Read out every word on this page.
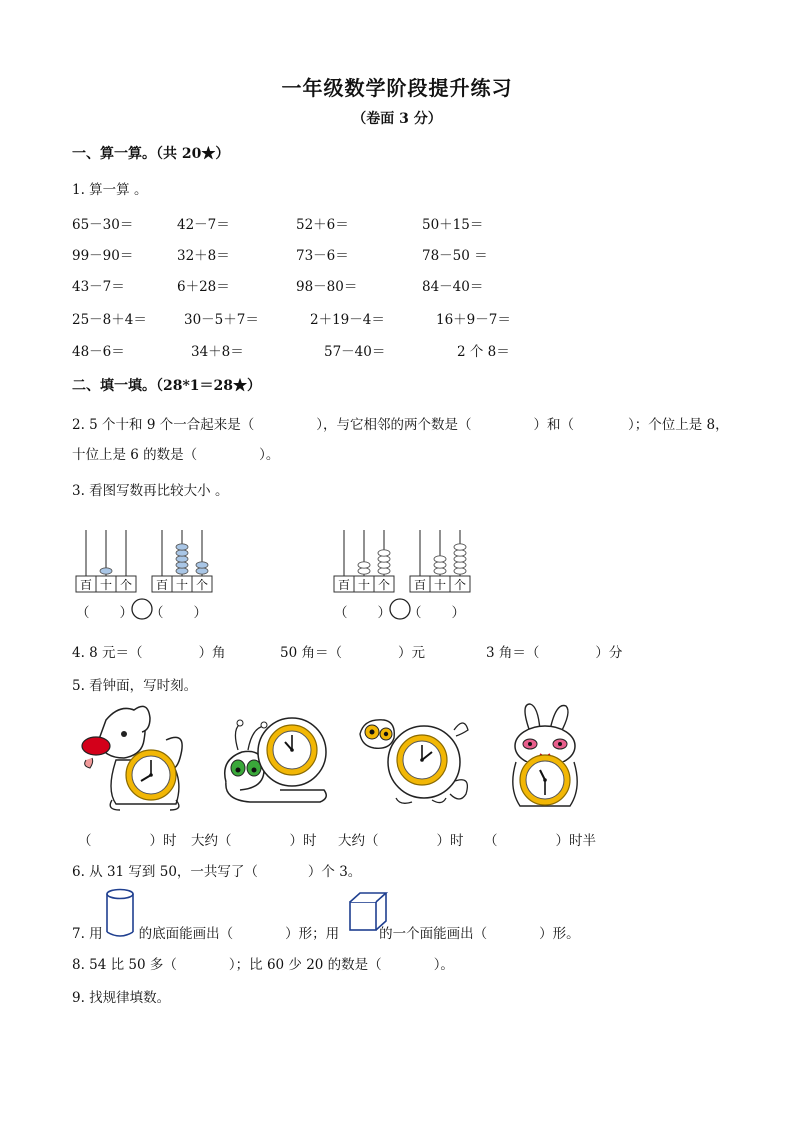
一年级数学阶段提升练习
（卷面 3 分）
一、算一算。（共 20★）
1. 算一算 。
65－30＝	42－7＝	52＋6＝	50＋15＝
99－90＝	32＋8＝	73－6＝	78－50 ＝
43－7＝	6＋28＝	98－80＝	84－40＝
25－8＋4＝	30－5＋7＝	2＋19－4＝	16＋9－7＝
48－6＝	34＋8＝	57－40＝	2 个 8＝
二、填一填。（28*1＝28★）
2. 5 个十和 9 个一合起来是（	），与它相邻的两个数是（	）和（	）；个位上是 8，
十位上是 6 的数是（	）。
3. 看图写数再比较大小 。
百 十 个 百 十 个
（ ） （ ）
百 十 个 百 十 个
（ ） （ ）
4. 8 元＝（	）角	50 角＝（	）元	3 角＝（	）分
5. 看钟面，写时刻。
（	）时 大约（	）时 大约（	）时 （	）时半
6. 从 31 写到 50，一共写了（	）个 3。
7. 用	的底面能画出（	）形；用	的一个面能画出（	）形。
8. 54 比 50 多（	）；比 60 少 20 的数是（	）。
9. 找规律填数。
